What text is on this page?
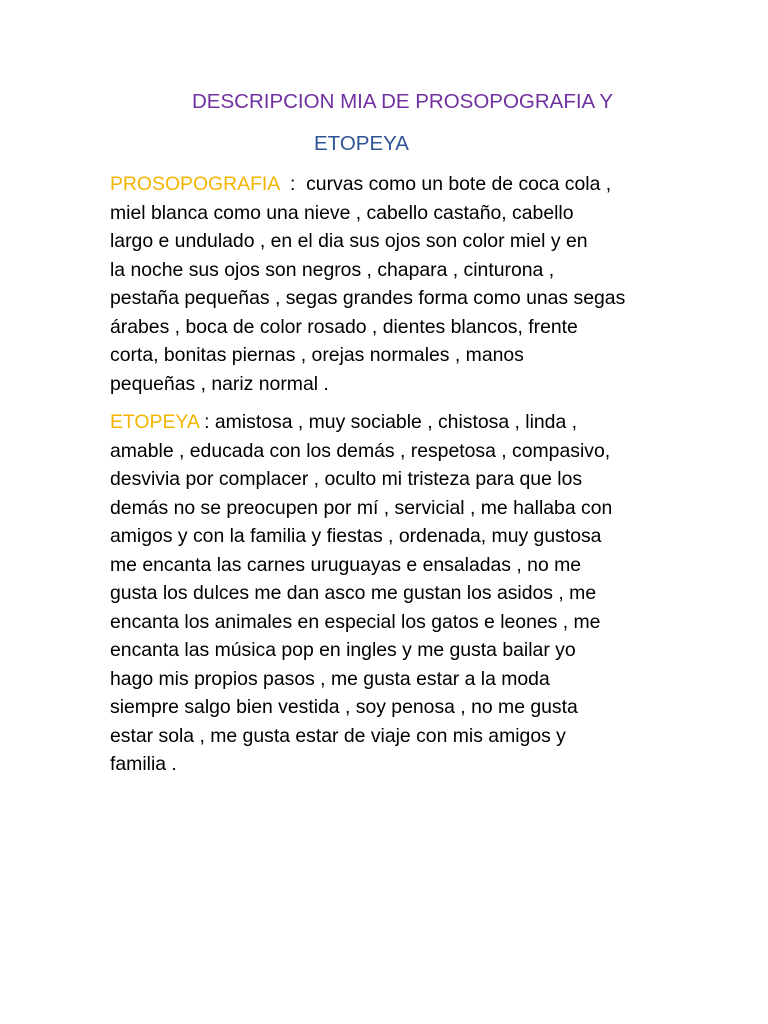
DESCRIPCION MIA DE PROSOPOGRAFIA Y
ETOPEYA
PROSOPOGRAFIA  :  curvas como un bote de coca cola ,
miel blanca como una nieve , cabello castaño, cabello
largo e undulado , en el dia sus ojos son color miel y en
la noche sus ojos son negros , chapara , cinturona ,
pestaña pequeñas , segas grandes forma como unas segas
árabes , boca de color rosado , dientes blancos, frente
corta, bonitas piernas , orejas normales , manos
pequeñas , nariz normal .
ETOPEYA : amistosa , muy sociable , chistosa , linda ,
amable , educada con los demás , respetosa , compasivo,
desvivia por complacer , oculto mi tristeza para que los
demás no se preocupen por mí , servicial , me hallaba con
amigos y con la familia y fiestas , ordenada, muy gustosa
me encanta las carnes uruguayas e ensaladas , no me
gusta los dulces me dan asco me gustan los asidos , me
encanta los animales en especial los gatos e leones , me
encanta las música pop en ingles y me gusta bailar yo
hago mis propios pasos , me gusta estar a la moda
siempre salgo bien vestida , soy penosa , no me gusta
estar sola , me gusta estar de viaje con mis amigos y
familia .
